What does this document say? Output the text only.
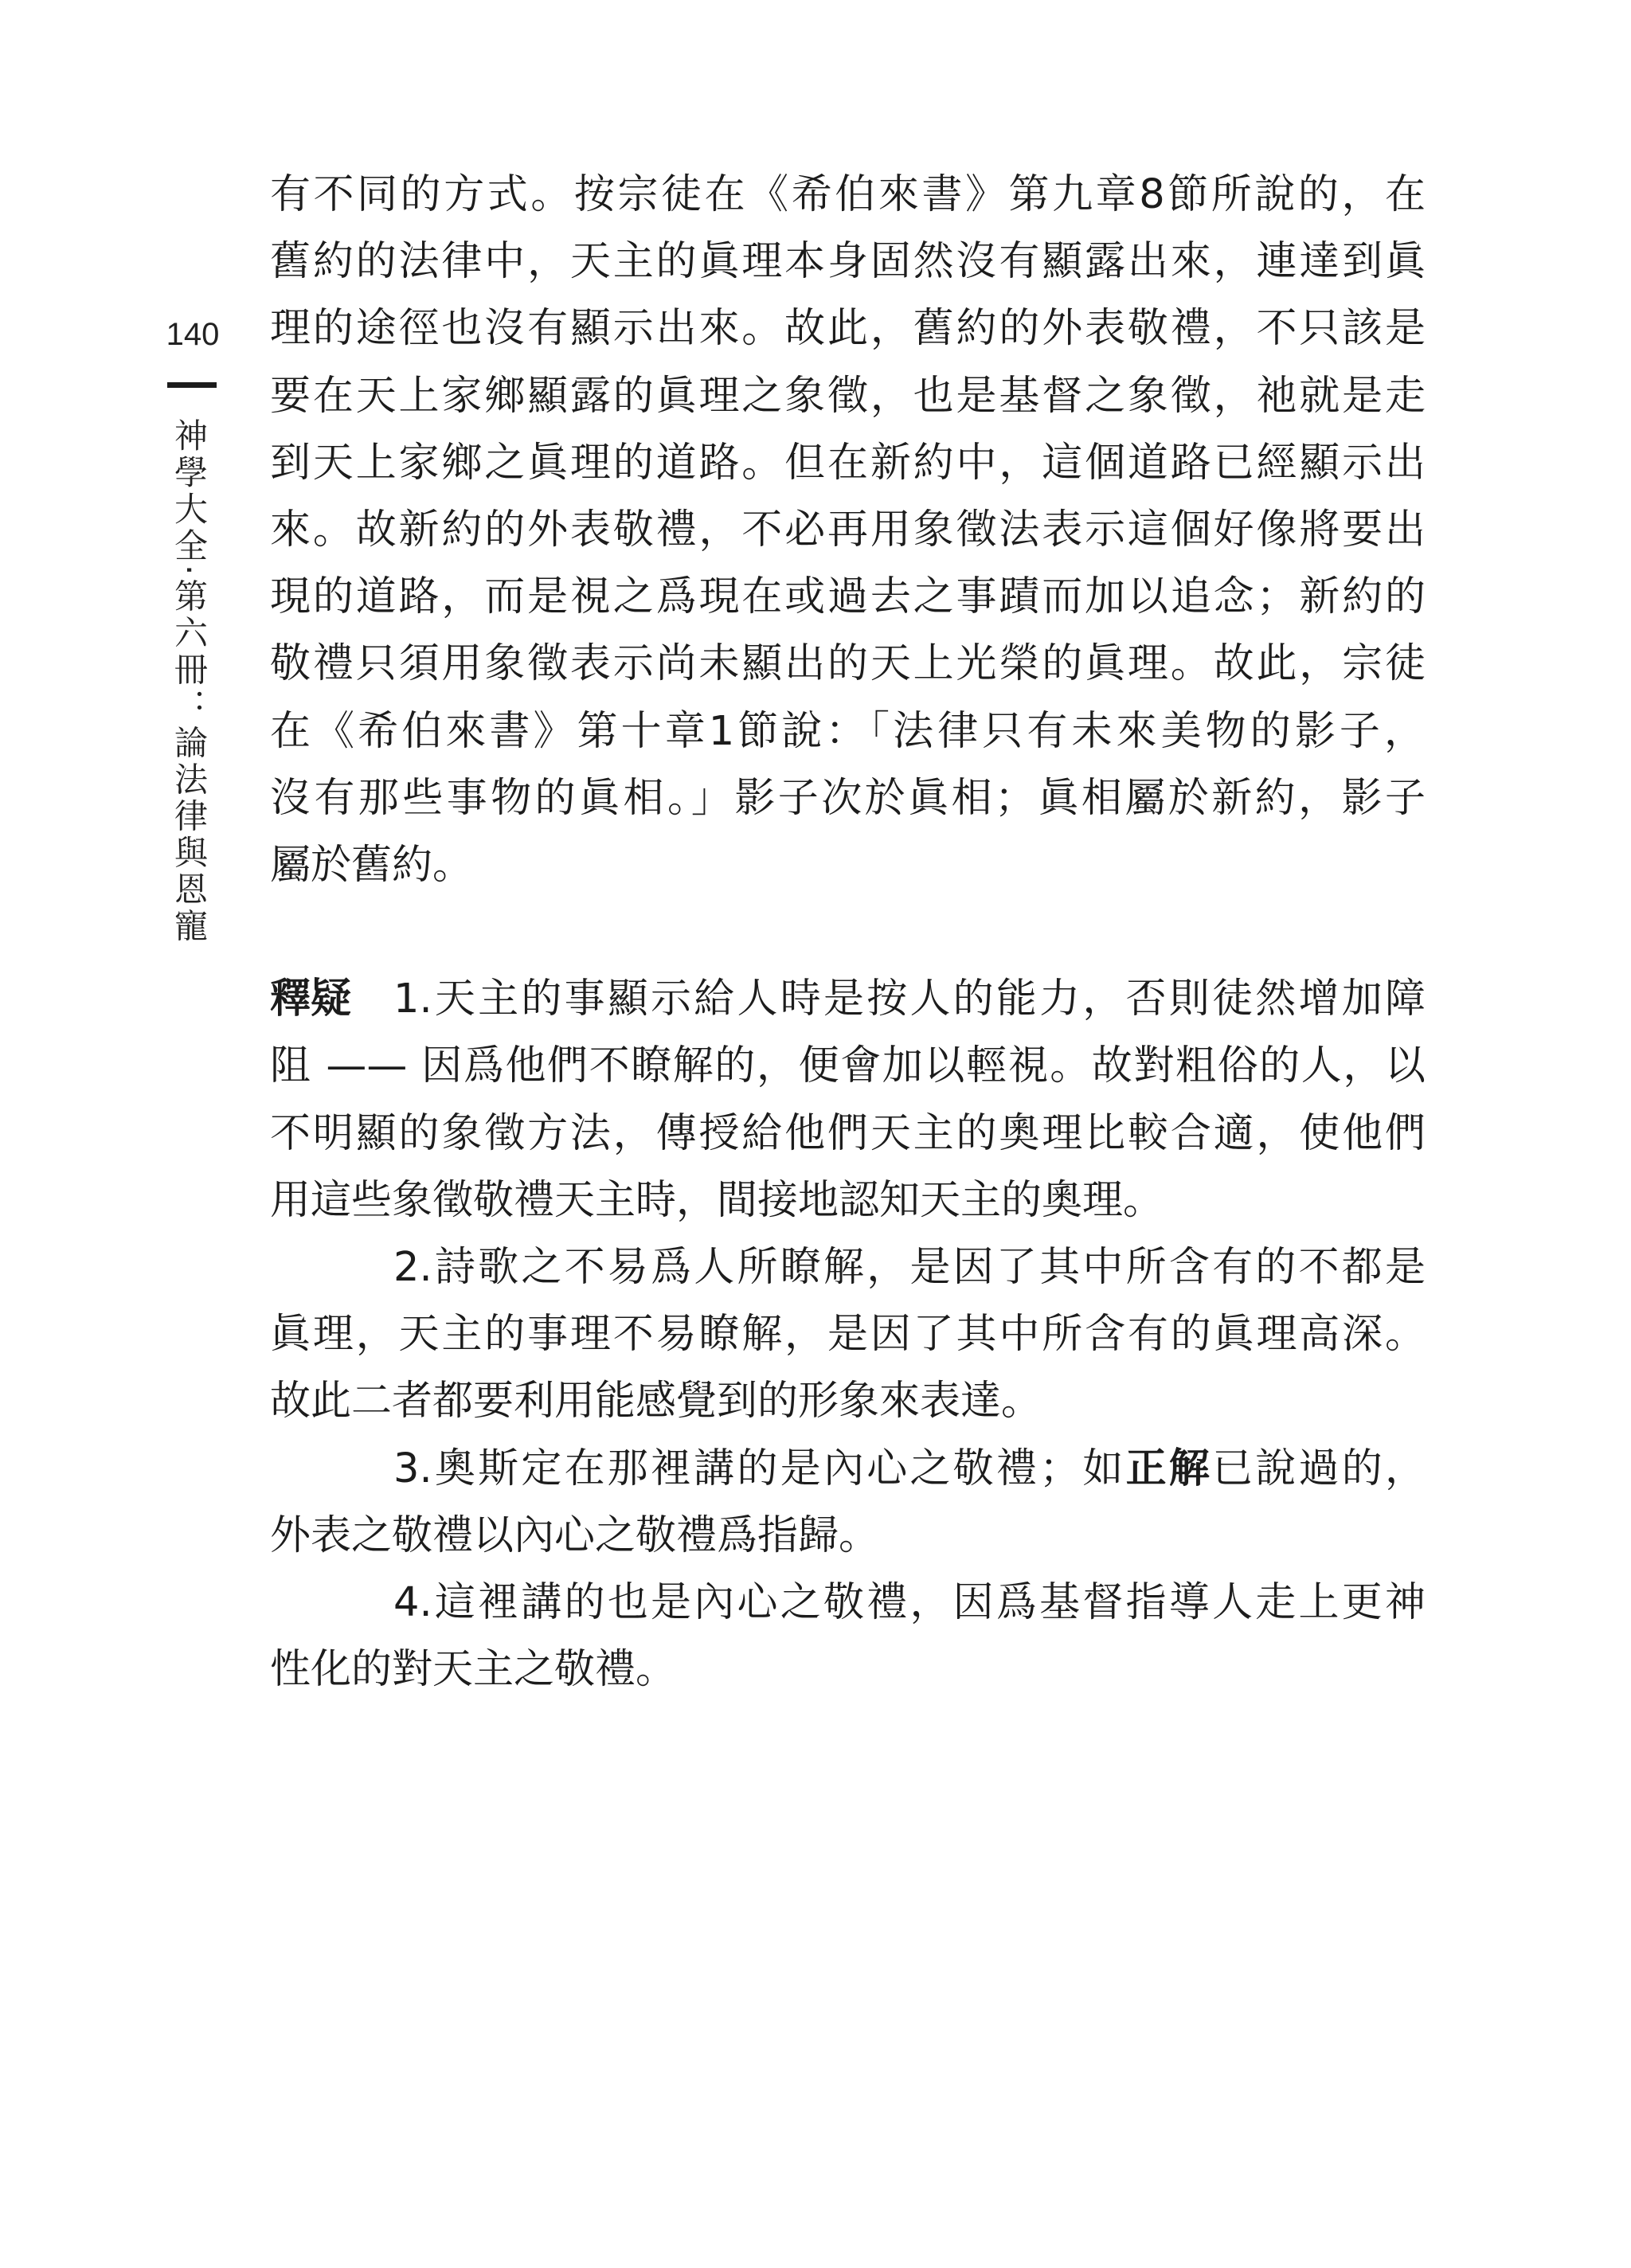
140
神學大全·第六冊：論法律與恩寵
有不同的方式。按宗徒在《希伯來書》第九章8節所說的，在
舊約的法律中，天主的眞理本身固然沒有顯露出來，連達到眞
理的途徑也沒有顯示出來。故此，舊約的外表敬禮，不只該是
要在天上家鄉顯露的眞理之象徵，也是基督之象徵，祂就是走
到天上家鄉之眞理的道路。但在新約中，這個道路已經顯示出
來。故新約的外表敬禮，不必再用象徵法表示這個好像將要出
現的道路，而是視之爲現在或過去之事蹟而加以追念；新約的
敬禮只須用象徵表示尚未顯出的天上光榮的眞理。故此，宗徒
在《希伯來書》第十章1節說：「法律只有未來美物的影子，
沒有那些事物的眞相。」影子次於眞相；眞相屬於新約，影子
屬於舊約。
釋疑 1.天主的事顯示給人時是按人的能力，否則徒然增加障
阻 —— 因爲他們不瞭解的，便會加以輕視。故對粗俗的人，以
不明顯的象徵方法，傳授給他們天主的奧理比較合適，使他們
用這些象徵敬禮天主時，間接地認知天主的奧理。
2.詩歌之不易爲人所瞭解，是因了其中所含有的不都是
眞理，天主的事理不易瞭解，是因了其中所含有的眞理高深。
故此二者都要利用能感覺到的形象來表達。
3.奧斯定在那裡講的是內心之敬禮；如正解已說過的，
外表之敬禮以內心之敬禮爲指歸。
4.這裡講的也是內心之敬禮，因爲基督指導人走上更神
性化的對天主之敬禮。
